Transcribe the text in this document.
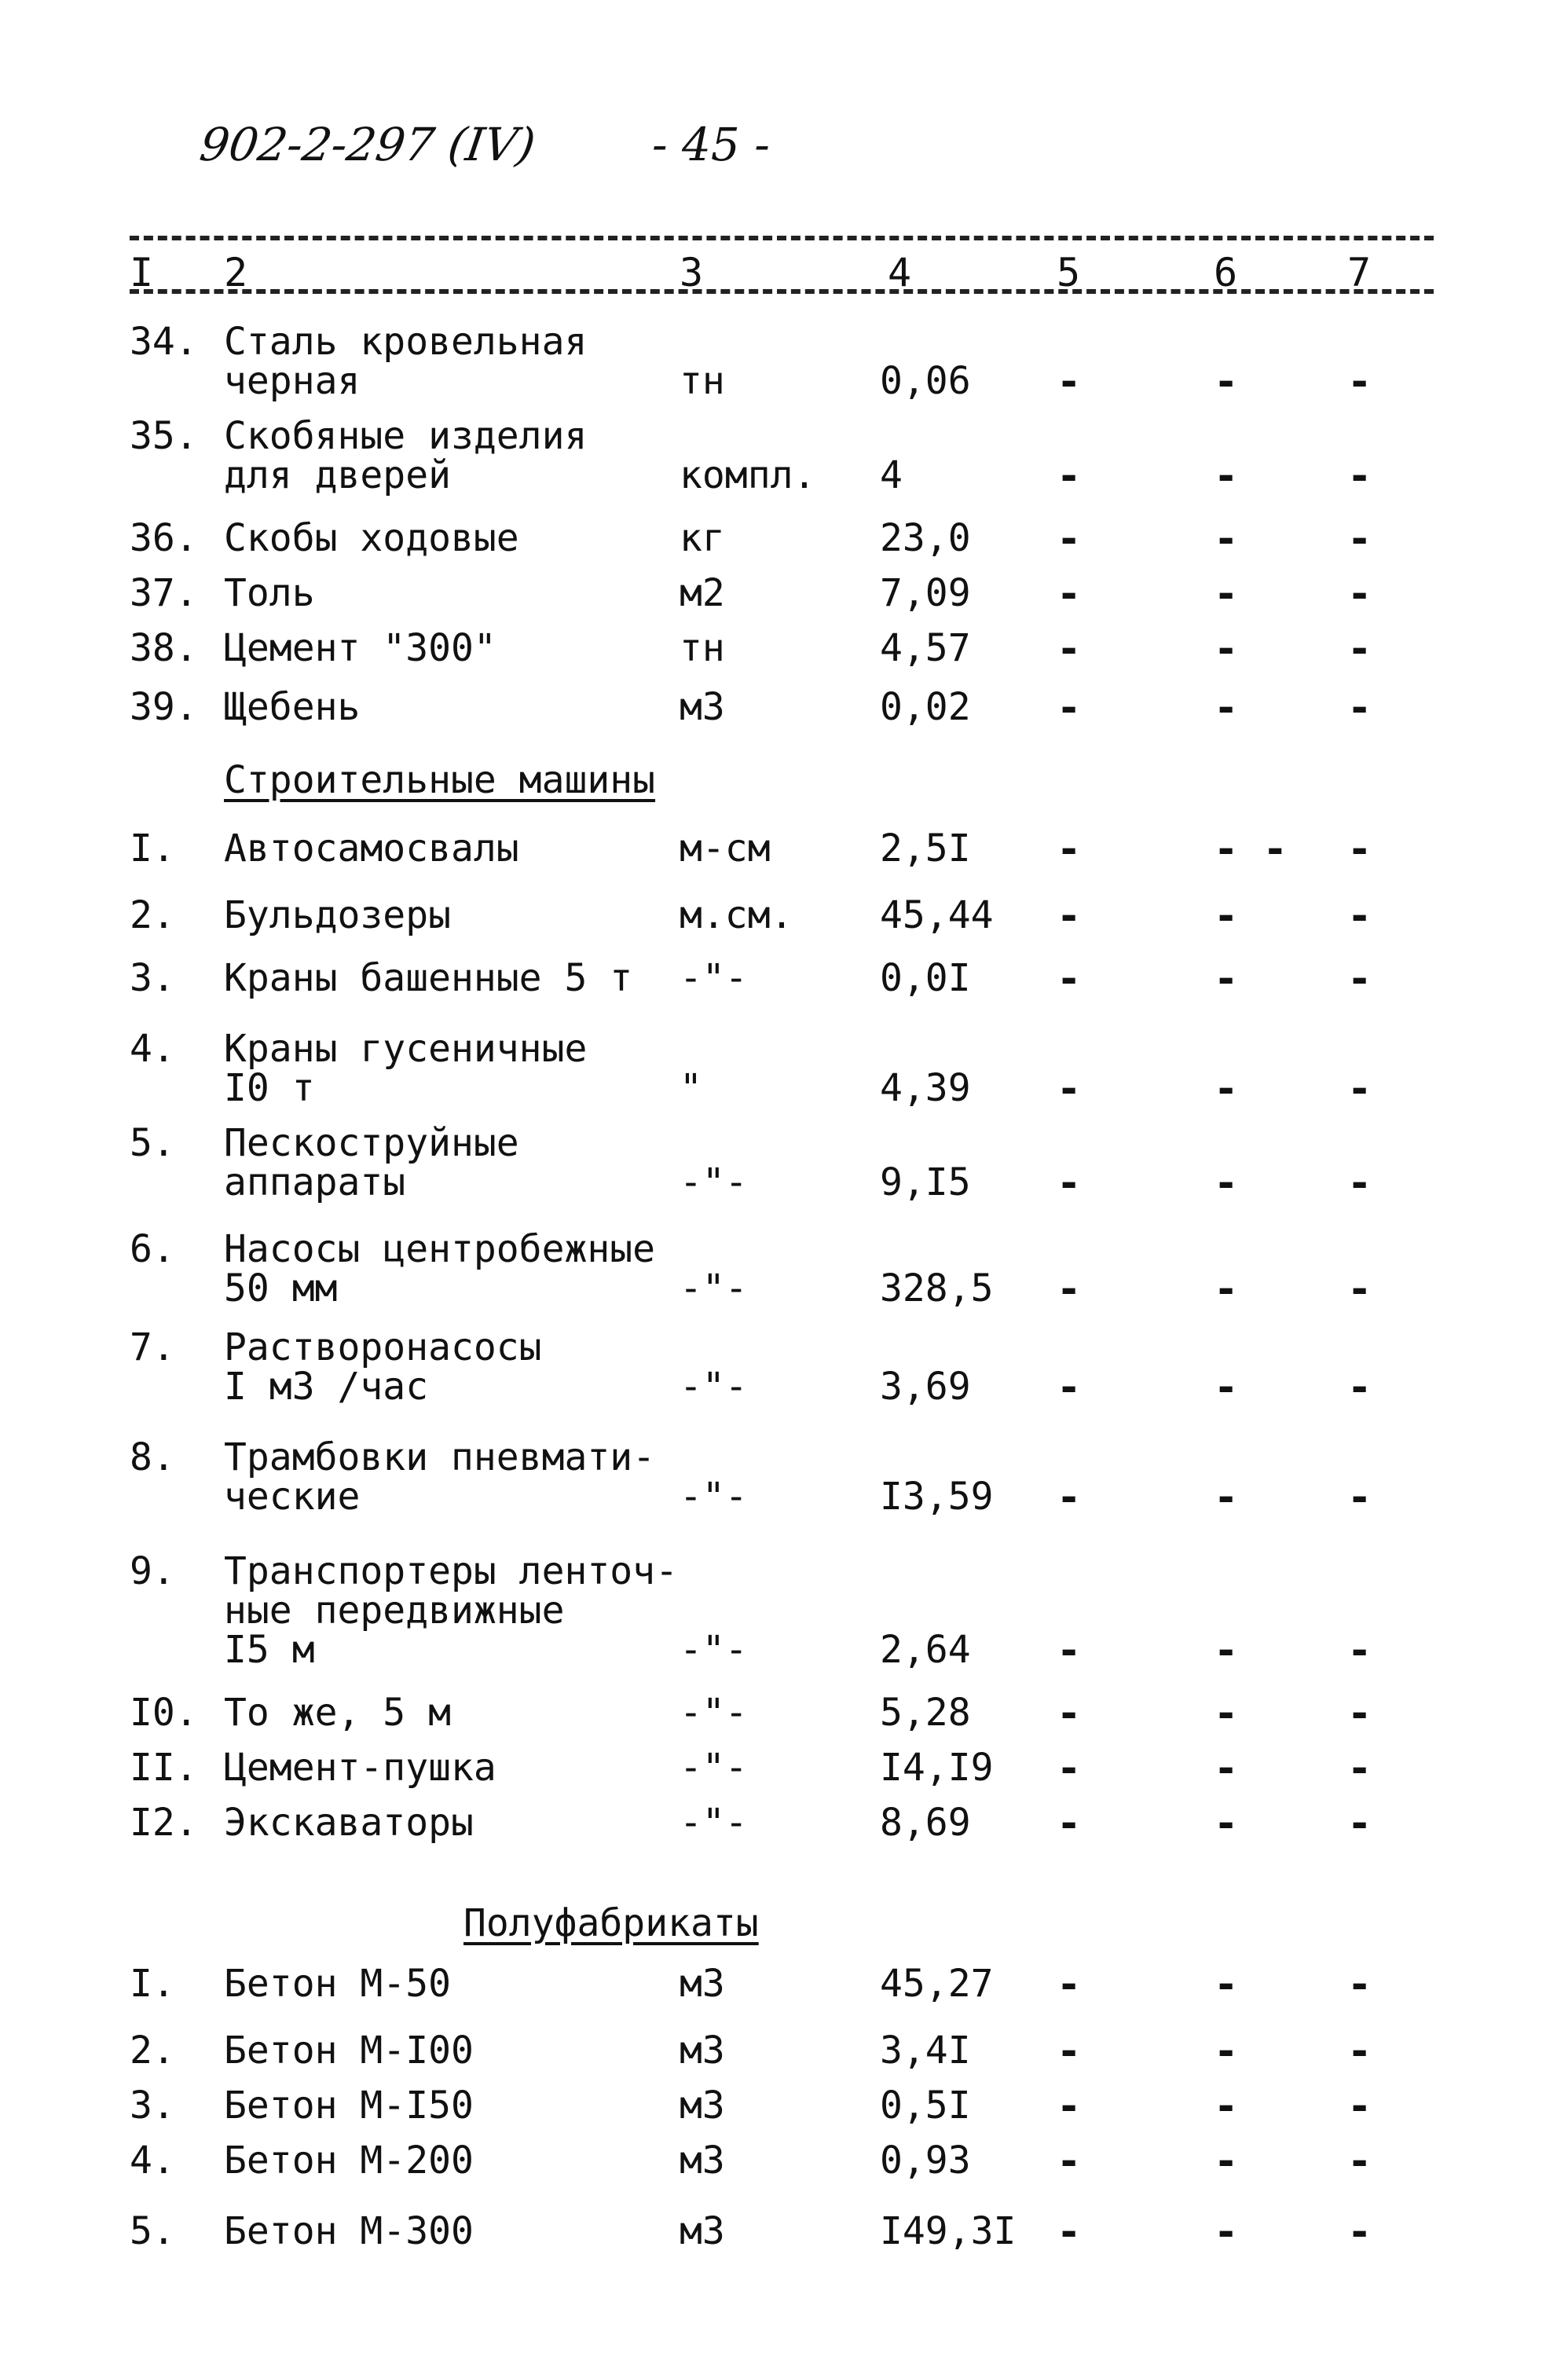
902-2-297 (IV) - 45 -
I 2	3	4	5	6	7
34. Сталь кровельная
черная	тн	0,06 -	-	-
35. Скобяные изделия
для дверей	компл. 4	-	-	-
36. Скобы ходовые	кг	23,0 -	-	-
37. Толь	м2	7,09 -	-	-
38. Цемент "300"	тн	4,57 -	-	-
39. Щебень	м3	0,02 -	-	-
Строительные машины
I. Автосамосвалы	м-см	2,5I -	- - -
2. Бульдозеры	м.см. 45,44 -	-	-
3. Краны башенные 5 т -"-	0,0I -	-	-
4. Краны гусеничные
I0 т	"	4,39 -	-	-
5. Пескоструйные
аппараты	-"-	9,I5 -	-	-
6. Насосы центробежные
50 мм	-"-	328,5 -	-	-
7. Растворонасосы
I м3 /час	-"-	3,69 -	-	-
8. Трамбовки пневмати-
ческие	-"-	I3,59 -	-	-
9. Транспортеры ленточ-
ные передвижные
I5 м	-"-	2,64 -	-	-
I0. То же, 5 м	-"-	5,28 -	-	-
II. Цемент-пушка	-"-	I4,I9 -	-	-
I2. Экскаваторы	-"-	8,69 -	-	-
Полуфабрикаты
I. Бетон М-50	м3	45,27 -	-	-
2. Бетон М-I00	м3	3,4I -	-	-
3. Бетон М-I50	м3	0,5I -	-	-
4. Бетон М-200	м3	0,93 -	-	-
5. Бетон М-300	м3	I49,3I -	-	-
